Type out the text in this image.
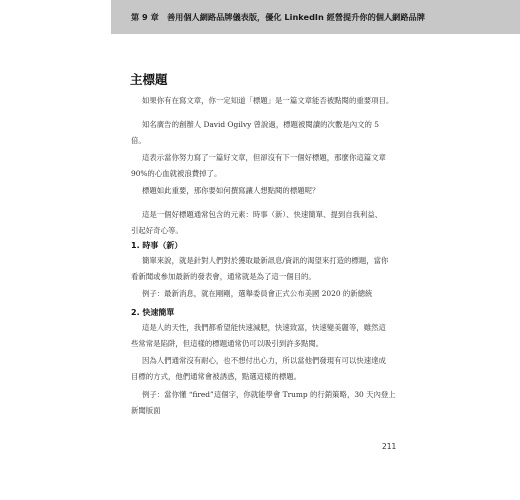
第 9 章　善用個人網路品牌儀表版，優化 LinkedIn 經營提升你的個人網路品牌
主標題
如果你有在寫文章，你一定知道「標題」是一篇文章能否被點閱的重要項目。
知名廣告的創辦人 David Ogilvy 曾說過，標題被閱讀的次數是內文的 5
倍。
這表示當你努力寫了一篇好文章，但卻沒有下一個好標題，那麼你這篇文章
90%的心血就被浪費掉了。
標題如此重要，那你要如何撰寫讓人想點閱的標題呢？
這是一個好標題通常包含的元素：時事（新）、快速簡單、提到自我利益、
引起好奇心等。
1. 時事（新）
簡單來說，就是針對人們對於獲取最新訊息/資訊的渴望來打造的標題，當你
看新聞或參加最新的發表會，通常就是為了這一個目的。
例子：最新消息，就在剛剛，選舉委員會正式公布美國 2020 的新總統
2. 快速簡單
這是人的天性，我們都希望能快速減肥，快速致富，快速變美麗等，雖然這
些常常是陷阱，但這樣的標題通常仍可以吸引到許多點閱。
因為人們通常沒有耐心，也不想付出心力，所以當他們發現有可以快速達成
目標的方式，他們通常會被誘惑，點選這樣的標題。
例子：當你懂 “fired”這個字，你就能學會 Trump 的行銷策略，30 天內登上
新聞版面
211
